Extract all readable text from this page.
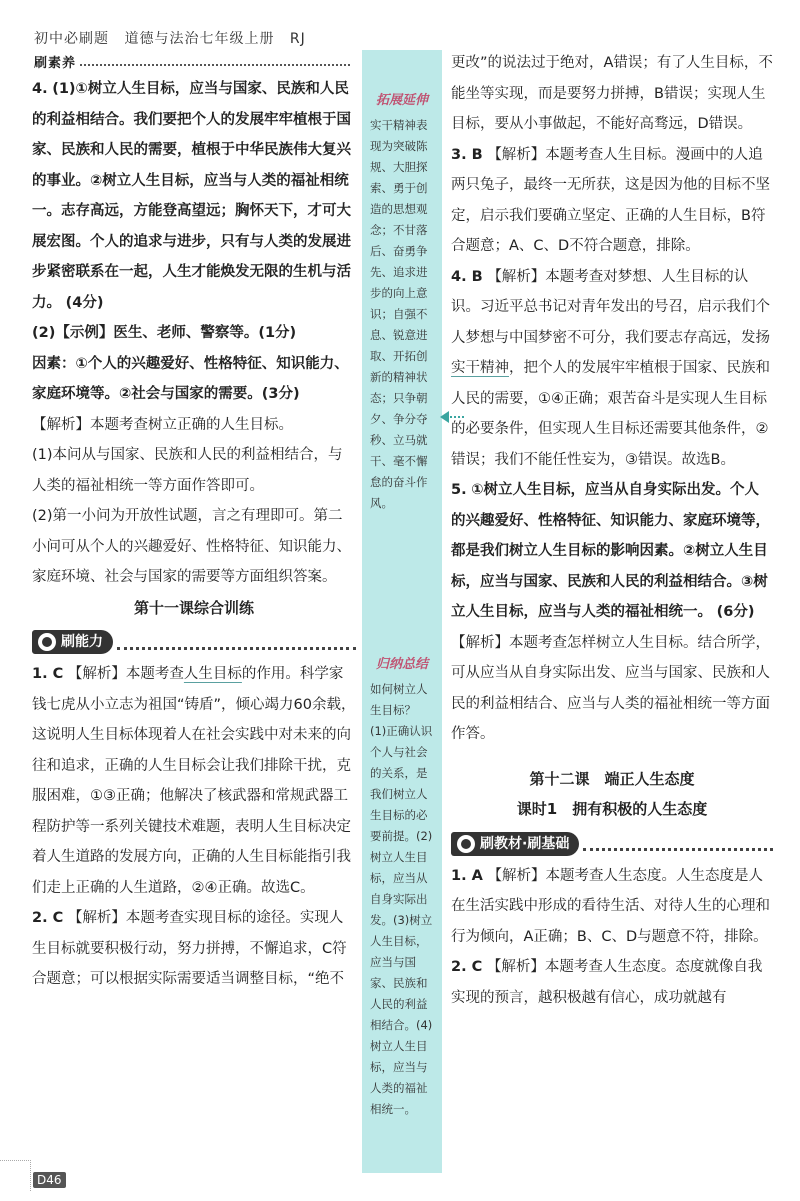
初中必刷题 道德与法治七年级上册 RJ
刷素养

4. (1)①树立人生目标，应当与国家、民族和人民的利益相结合。我们要把个人的发展牢牢植根于国家、民族和人民的需要，植根于中华民族伟大复兴的事业。②树立人生目标，应当与人类的福祉相统一。志存高远，方能登高望远；胸怀天下，才可大展宏图。个人的追求与进步，只有与人类的发展进步紧密联系在一起，人生才能焕发无限的生机与活力。 (4分)

(2)【示例】医生、老师、警察等。(1分)

因素：①个人的兴趣爱好、性格特征、知识能力、家庭环境等。②社会与国家的需要。(3分)

【解析】本题考查树立正确的人生目标。

(1)本问从与国家、民族和人民的利益相结合，与人类的福祉相统一等方面作答即可。

(2)第一小问为开放性试题，言之有理即可。第二小问可从个人的兴趣爱好、性格特征、知识能力、家庭环境、社会与国家的需要等方面组织答案。

第十一课综合训练

刷能力

1. C 【解析】本题考查人生目标的作用。科学家钱七虎从小立志为祖国“铸盾”，倾心竭力60余载，这说明人生目标体现着人在社会实践中对未来的向往和追求，正确的人生目标会让我们排除干扰，克服困难，①③正确；他解决了核武器和常规武器工程防护等一系列关键技术难题，表明人生目标决定着人生道路的发展方向，正确的人生目标能指引我们走上正确的人生道路，②④正确。故选C。

2. C 【解析】本题考查实现目标的途径。实现人生目标就要积极行动，努力拼搏，不懈追求，C符合题意；可以根据实际需要适当调整目标，“绝不

拓展延伸
实干精神表现为突破陈规、大胆探索、勇于创造的思想观念；不甘落后、奋勇争先、追求进步的向上意识；自强不息、锐意进取、开拓创新的精神状态；只争朝夕、争分夺秒、立马就干、毫不懈怠的奋斗作风。
归纳总结
如何树立人生目标？
(1)正确认识个人与社会的关系，是我们树立人生目标的必要前提。(2)树立人生目标，应当从自身实际出发。(3)树立人生目标，应当与国家、民族和人民的利益相结合。(4)树立人生目标，应当与人类的福祉相统一。

更改”的说法过于绝对，A错误；有了人生目标，不能坐等实现，而是要努力拼搏，B错误；实现人生目标，要从小事做起，不能好高骛远，D错误。

3. B 【解析】本题考查人生目标。漫画中的人追两只兔子，最终一无所获，这是因为他的目标不坚定，启示我们要确立坚定、正确的人生目标，B符合题意；A、C、D不符合题意，排除。

4. B 【解析】本题考查对梦想、人生目标的认识。习近平总书记对青年发出的号召，启示我们个人梦想与中国梦密不可分，我们要志存高远，发扬实干精神，把个人的发展牢牢植根于国家、民族和人民的需要，①④正确；艰苦奋斗是实现人生目标的必要条件，但实现人生目标还需要其他条件，②错误；我们不能任性妄为，③错误。故选B。

5. ①树立人生目标，应当从自身实际出发。个人的兴趣爱好、性格特征、知识能力、家庭环境等，都是我们树立人生目标的影响因素。②树立人生目标，应当与国家、民族和人民的利益相结合。③树立人生目标，应当与人类的福祉相统一。 (6分)

【解析】本题考查怎样树立人生目标。结合所学，可从应当从自身实际出发、应当与国家、民族和人民的利益相结合、应当与人类的福祉相统一等方面作答。

第十二课　端正人生态度

课时1　拥有积极的人生态度

刷教材·刷基础

1. A 【解析】本题考查人生态度。人生态度是人在生活实践中形成的看待生活、对待人生的心理和行为倾向，A正确；B、C、D与题意不符，排除。

2. C 【解析】本题考查人生态度。态度就像自我实现的预言，越积极越有信心，成功就越有

D46
